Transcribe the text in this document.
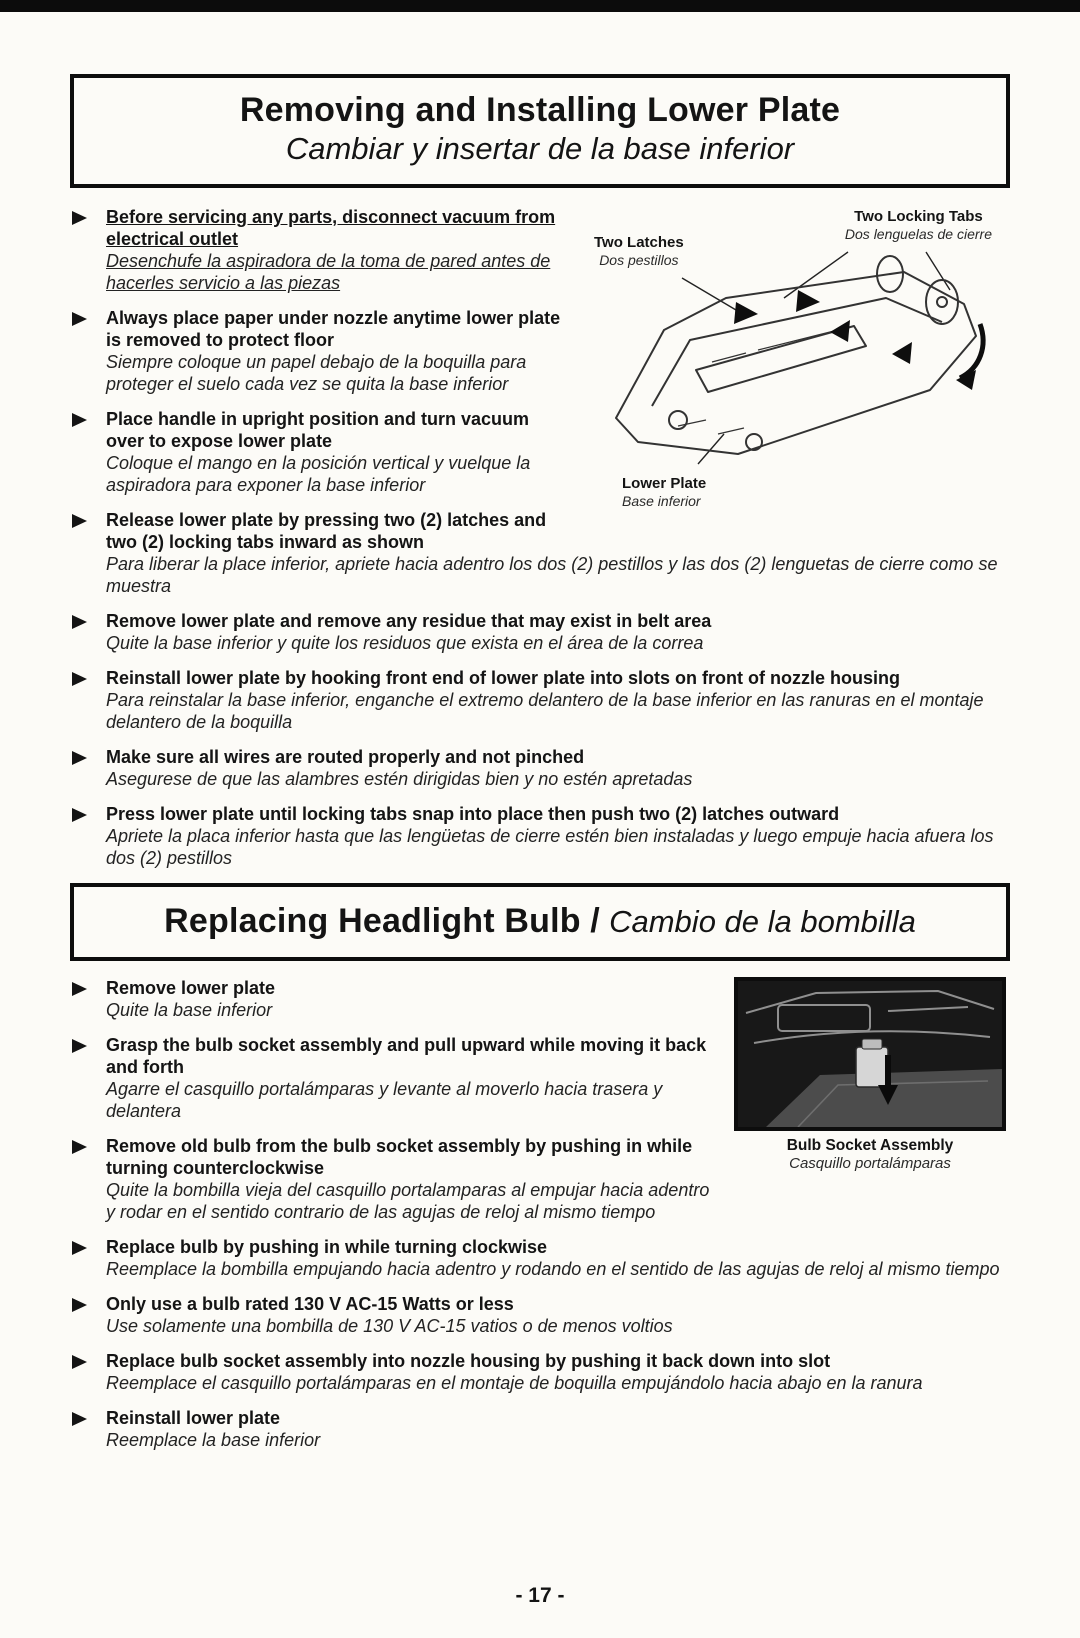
Removing and Installing Lower Plate
Cambiar y insertar de la base inferior
Two Latches
Dos pestillos
Two Locking Tabs
Dos lenguelas de cierre
Lower Plate
Base inferior
Before servicing any parts, disconnect vacuum from electrical outlet
Desenchufe la aspiradora de la toma de pared antes de hacerles servicio a las piezas
Always place paper under nozzle anytime lower plate is removed to protect floor
Siempre coloque un papel debajo de la boquilla para proteger el suelo cada vez se quita la base inferior
Place handle in upright position and turn vacuum over to expose lower plate
Coloque el mango en la posición vertical y vuelque la aspiradora para exponer la base inferior
Release lower plate by pressing two (2) latches and two (2) locking tabs inward as shown
Para liberar la place inferior, apriete hacia adentro los dos (2) pestillos y las dos (2) lenguetas de cierre como se muestra
Remove lower plate and remove any residue that may exist in belt area
Quite la base inferior y quite los residuos que exista en el área de la correa
Reinstall lower plate by hooking front end of lower plate into slots on front of nozzle housing
Para reinstalar la base inferior, enganche el extremo delantero de la base inferior en las ranuras en el montaje delantero de la boquilla
Make sure all wires are routed properly and not pinched
Asegurese de que las alambres estén dirigidas bien y no estén apretadas
Press lower plate until locking tabs snap into place then push two (2) latches outward
Apriete la placa inferior hasta que las lengüetas de cierre estén bien instaladas y luego empuje hacia afuera los dos (2) pestillos
Replacing Headlight Bulb / Cambio de la bombilla
Bulb Socket Assembly
Casquillo portalámparas
Remove lower plate
Quite la base inferior
Grasp the bulb socket assembly and pull upward while moving it back and forth
Agarre el casquillo portalámparas y levante al moverlo hacia trasera y delantera
Remove old bulb from the bulb socket assembly by pushing in while turning counterclockwise
Quite la bombilla vieja del casquillo portalamparas al empujar hacia adentro y rodar en el sentido contrario de las agujas de reloj al mismo tiempo
Replace bulb by pushing in while turning clockwise
Reemplace la bombilla empujando hacia adentro y rodando en el sentido de las agujas de reloj al mismo tiempo
Only use a bulb rated 130 V AC-15 Watts or less
Use solamente una bombilla de 130 V AC-15 vatios o de menos voltios
Replace bulb socket assembly into nozzle housing by pushing it back down into slot
Reemplace el casquillo portalámparas en el montaje de boquilla empujándolo hacia abajo en la ranura
Reinstall lower plate
Reemplace la base inferior
- 17 -
